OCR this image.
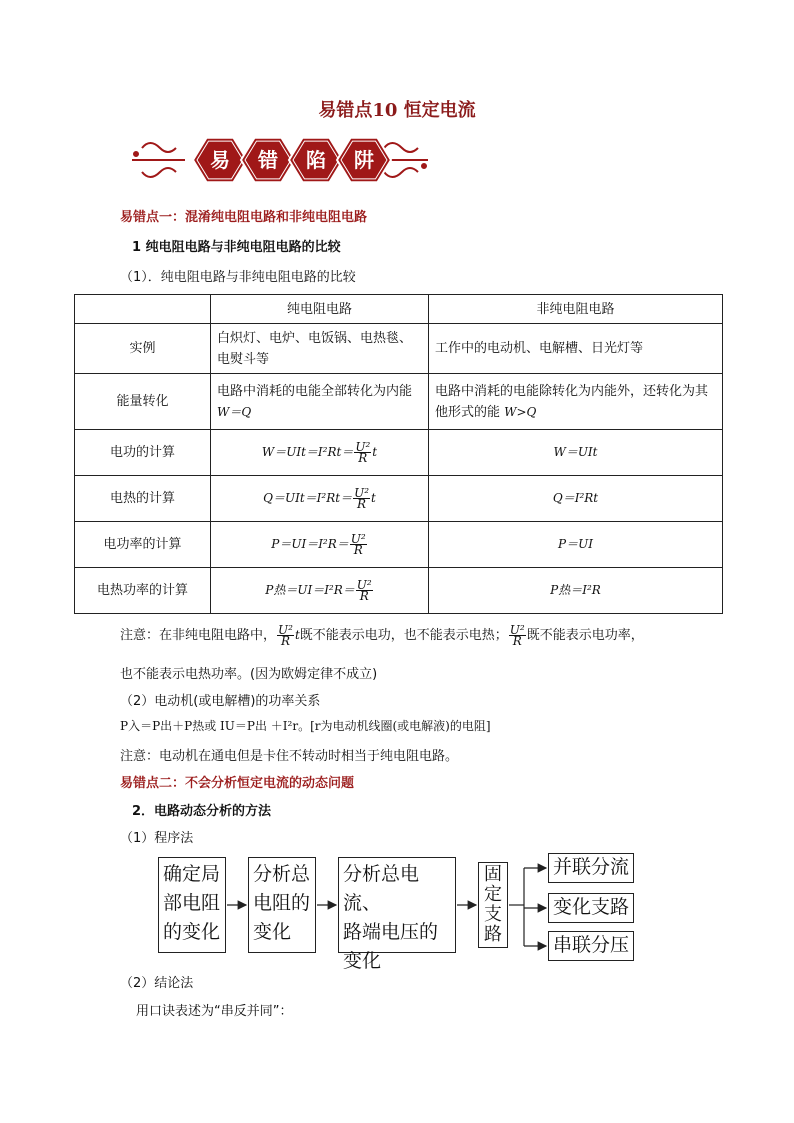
易错点10 恒定电流
易 错 陷 阱
易错点一：混淆纯电阻电路和非纯电阻电路
1 纯电阻电路与非纯电阻电路的比较
（1）．纯电阻电路与非纯电阻电路的比较
	纯电阻电路	非纯电阻电路
实例	白炽灯、电炉、电饭锅、电热毯、电熨斗等	工作中的电动机、电解槽、日光灯等
能量转化	电路中消耗的电能全部转化为内能 W＝Q	电路中消耗的电能除转化为内能外，还转化为其他形式的能 W>Q
电功的计算	$W=UIt=I^2Rt= \frac{\text{U²}}{R}$ t	W＝UIt
电热的计算	$Q=UIt=I^2Rt= \frac{\text{U²}}{R}$ t	Q＝I²Rt
电功率的计算	$P=UI=I^2R= \frac{\text{U²}}{R}$	P＝UI
电热功率的计算	P热$=UI=I^2R= \frac{\text{U²}}{R}$	P热＝I²R
注意：在非纯电阻电路中， $\frac{\text{U²}}{R}$ t既不能表示电功，也不能表示电热； $\frac{\text{U²}}{R}$ 既不能表示电功率，
也不能表示电热功率。(因为欧姆定律不成立)
（2）电动机(或电解槽)的功率关系
P入＝P出＋P热或 IU＝P出 ＋I²r。[r为电动机线圈(或电解液)的电阻]
注意：电动机在通电但是卡住不转动时相当于纯电阻电路。
易错点二：不会分析恒定电流的动态问题
2．电路动态分析的方法
（1）程序法
确定局
部电阻
的变化
分析总
电阻的
变化
分析总电流、
路端电压的
变化
固
定
支
路
并联分流
变化支路
串联分压
（2）结论法
用口诀表述为“串反并同”：
